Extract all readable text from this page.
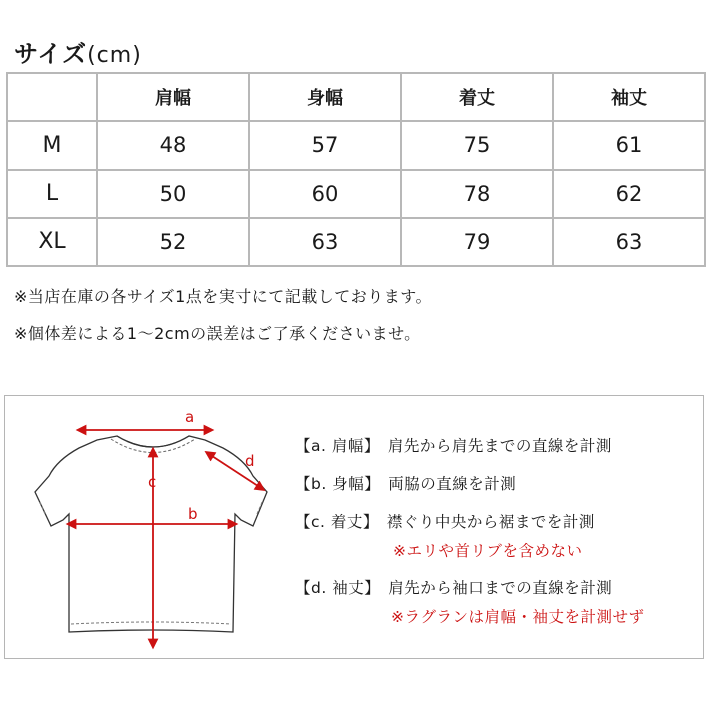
サイズ(cm)
	肩幅	身幅	着丈	袖丈
M	48	57	75	61
L	50	60	78	62
XL	52	63	79	63
※当店在庫の各サイズ1点を実寸にて記載しております。
※個体差による1〜2cmの誤差はご了承くださいませ。
a
c
b
d
【a. 肩幅】 肩先から肩先までの直線を計測
【b. 身幅】 両脇の直線を計測
【c. 着丈】 襟ぐり中央から裾までを計測
※エリや首リブを含めない
【d. 袖丈】 肩先から袖口までの直線を計測
※ラグランは肩幅・袖丈を計測せず
